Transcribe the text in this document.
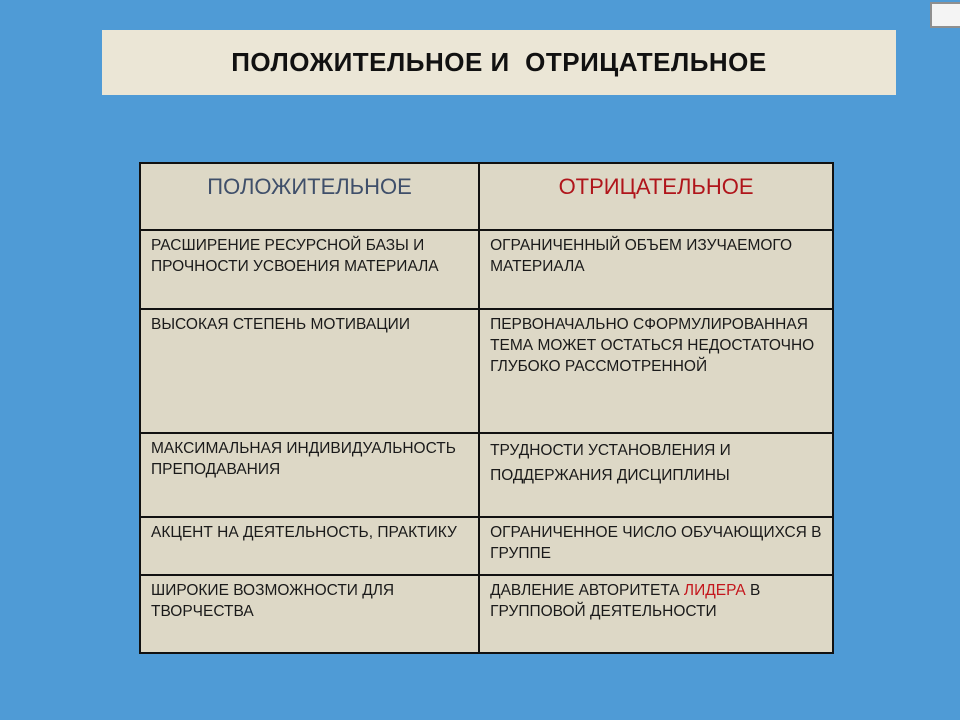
ПОЛОЖИТЕЛЬНОЕ И  ОТРИЦАТЕЛЬНОЕ
ПОЛОЖИТЕЛЬНОЕ	ОТРИЦАТЕЛЬНОЕ

РАСШИРЕНИЕ РЕСУРСНОЙ БАЗЫ И ПРОЧНОСТИ УСВОЕНИЯ МАТЕРИАЛА	ОГРАНИЧЕННЫЙ ОБЪЕМ ИЗУЧАЕМОГО МАТЕРИАЛА

ВЫСОКАЯ СТЕПЕНЬ МОТИВАЦИИ	ПЕРВОНАЧАЛЬНО СФОРМУЛИРОВАННАЯ ТЕМА МОЖЕТ ОСТАТЬСЯ НЕДОСТАТОЧНО ГЛУБОКО РАССМОТРЕННОЙ

МАКСИМАЛЬНАЯ ИНДИВИДУАЛЬНОСТЬ ПРЕПОДАВАНИЯ	ТРУДНОСТИ УСТАНОВЛЕНИЯ И ПОДДЕРЖАНИЯ ДИСЦИПЛИНЫ

АКЦЕНТ НА ДЕЯТЕЛЬНОСТЬ, ПРАКТИКУ	ОГРАНИЧЕННОЕ ЧИСЛО ОБУЧАЮЩИХСЯ В ГРУППЕ

ШИРОКИЕ ВОЗМОЖНОСТИ ДЛЯ ТВОРЧЕСТВА	ДАВЛЕНИЕ АВТОРИТЕТА ЛИДЕРА В ГРУППОВОЙ ДЕЯТЕЛЬНОСТИ
